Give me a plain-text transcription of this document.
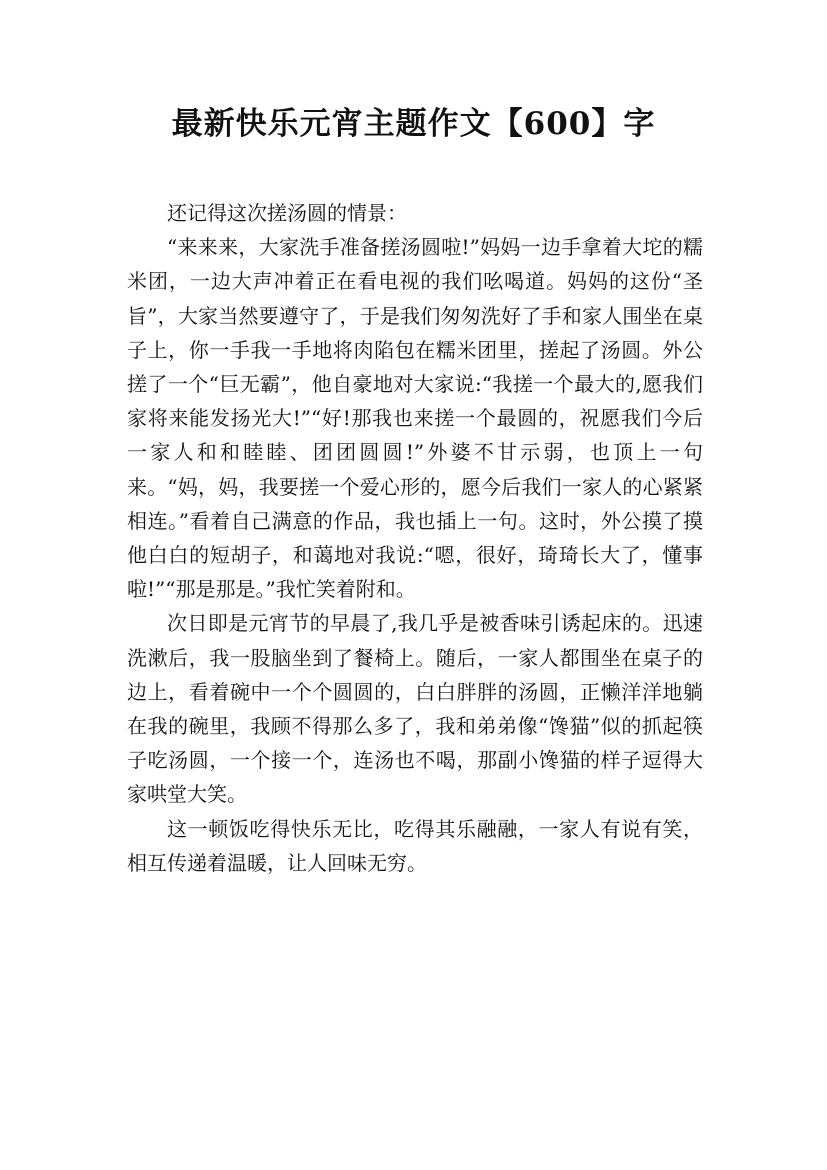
最新快乐元宵主题作文【600】字

还记得这次搓汤圆的情景：

“来来来，大家洗手准备搓汤圆啦!”妈妈一边手拿着大坨的糯米团，一边大声冲着正在看电视的我们吆喝道。妈妈的这份“圣旨”，大家当然要遵守了，于是我们匆匆洗好了手和家人围坐在桌子上，你一手我一手地将肉陷包在糯米团里，搓起了汤圆。外公搓了一个“巨无霸”，他自豪地对大家说:“我搓一个最大的,愿我们家将来能发扬光大!”“好!那我也来搓一个最圆的，祝愿我们今后一家人和和睦睦、团团圆圆!”外婆不甘示弱，也顶上一句来。“妈，妈，我要搓一个爱心形的，愿今后我们一家人的心紧紧相连。”看着自己满意的作品，我也插上一句。这时，外公摸了摸他白白的短胡子，和蔼地对我说:“嗯，很好，琦琦长大了，懂事啦!”“那是那是。”我忙笑着附和。

次日即是元宵节的早晨了,我几乎是被香味引诱起床的。迅速洗漱后，我一股脑坐到了餐椅上。随后，一家人都围坐在桌子的边上，看着碗中一个个圆圆的，白白胖胖的汤圆，正懒洋洋地躺在我的碗里，我顾不得那么多了，我和弟弟像“馋猫”似的抓起筷子吃汤圆，一个接一个，连汤也不喝，那副小馋猫的样子逗得大家哄堂大笑。

这一顿饭吃得快乐无比，吃得其乐融融，一家人有说有笑，相互传递着温暖，让人回味无穷。
